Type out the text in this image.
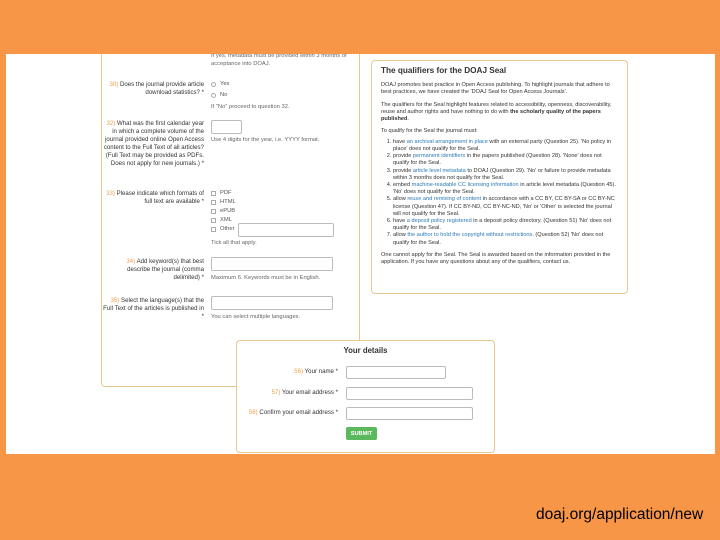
If yes, metadata must be provided within 3 months of acceptance into DOAJ.
30) Does the journal provide article download statistics? *
Yes
No
If "No" proceed to question 32.
32) What was the first calendar year in which a complete volume of the journal provided online Open Access content to the Full Text of all articles? (Full Text may be provided as PDFs. Does not apply for new journals.) *
Use 4 digits for the year, i.e. YYYY format.
33) Please indicate which formats of full text are available *
PDF
HTML
ePUB
XML
Other
Tick all that apply.
34) Add keyword(s) that best describe the journal (comma delimited) * Maximum 6. Keywords must be in English.
35) Select the language(s) that the Full Text of the articles is published in * You can select multiple languages.
The qualifiers for the DOAJ Seal

DOAJ promotes best practice in Open Access publishing. To highlight journals that adhere to best practices, we have created the 'DOAJ Seal for Open Access Journals'.

The qualifiers for the Seal highlight features related to accessibility, openness, discoverability, reuse and author rights and have nothing to do with the scholarly quality of the papers published.

To qualify for the Seal the journal must:

1. have an archival arrangement in place with an external party (Question 25). 'No policy in place' does not qualify for the Seal.
2. provide permanent identifiers in the papers published (Question 28). 'None' does not qualify for the Seal.
3. provide article level metadata to DOAJ (Question 29). 'No' or failure to provide metadata within 3 months does not qualify for the Seal.
4. embed machine-readable CC licensing information in article level metadata (Question 45). 'No' does not qualify for the Seal.
5. allow reuse and remixing of content in accordance with a CC BY, CC BY-SA or CC BY-NC license (Question 47). If CC BY-ND, CC BY-NC-ND, 'No' or 'Other' is selected the journal will not qualify for the Seal.
6. have a deposit policy registered in a deposit policy directory. (Question 51) 'No' does not qualify for the Seal.
7. allow the author to hold the copyright without restrictions. (Question 52) 'No' does not qualify for the Seal.

One cannot apply for the Seal. The Seal is awarded based on the information provided in the application. If you have any questions about any of the qualifiers, contact us.

Your details
56) Your name *
57) Your email address *
58) Confirm your email address *
SUBMIT
doaj.org/application/new
